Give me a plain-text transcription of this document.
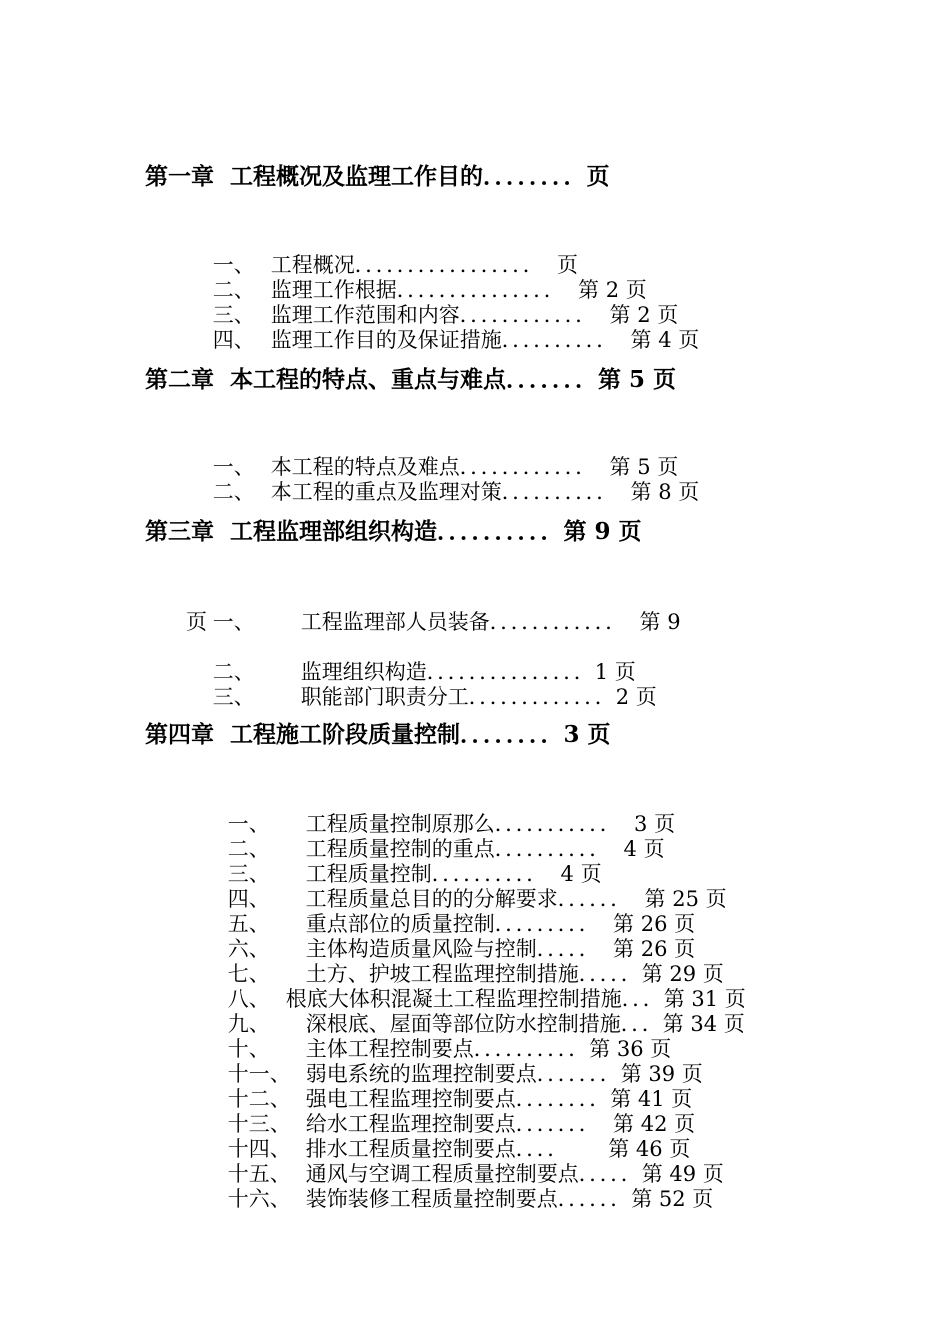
第一章  工程概况及监理工作目的．．．．．．．．页

一、 工程概况．．．．．．．．．．．．．．．．．  页

二、 监理工作根据．．．．．．．．．．．．．．．  第 2 页

三、 监理工作范围和内容．．．．．．．．．．．．  第 2 页

四、 监理工作目的及保证措施．．．．．．．．．．  第 4 页

第二章  本工程的特点、重点与难点．．．．．．．第 5 页

一、 本工程的特点及难点．．．．．．．．．．．．  第 5 页

二、 本工程的重点及监理对策．．．．．．．．．．  第 8 页

第三章  工程监理部组织构造．．．．．．．．．．第 9 页

一、 工程监理部人员装备．．．．．．．．．．．．  第 9

页

二、 监理组织构造．．．．．．．．．．．．．．．1 页

三、 职能部门职责分工．．．．．．．．．．．．．2 页

第四章  工程施工阶段质量控制．．．．．．．．3 页

一、 工程质量控制原那么．．．．．．．．．．．  3 页

二、 工程质量控制的重点．．．．．．．．．．  4 页

三、 工程质量控制．．．．．．．．．．  4 页

四、 工程质量总目的的分解要求．．．．．．  第 25 页

五、 重点部位的质量控制．．．．．．．．．  第 26 页

六、 主体构造质量风险与控制．．．．．  第 26 页

七、 土方、护坡工程监理控制措施．．．．．第 29 页

八、 根底大体积混凝土工程监理控制措施．．．第 31 页

九、 深根底、屋面等部位防水控制措施．．．第 34 页

十、 主体工程控制要点．．．．．．．．．．第 36 页

十一、 弱电系统的监理控制要点．．．．．．．第 39 页

十二、 强电工程监理控制要点．．．．．．．．第 41 页

十三、 给水工程监理控制要点．．．．．．．  第 42 页

十四、 排水工程质量控制要点．．．．      第 46 页

十五、 通风与空调工程质量控制要点．．．．．第 49 页

十六、 装饰装修工程质量控制要点．．．．．．第 52 页
